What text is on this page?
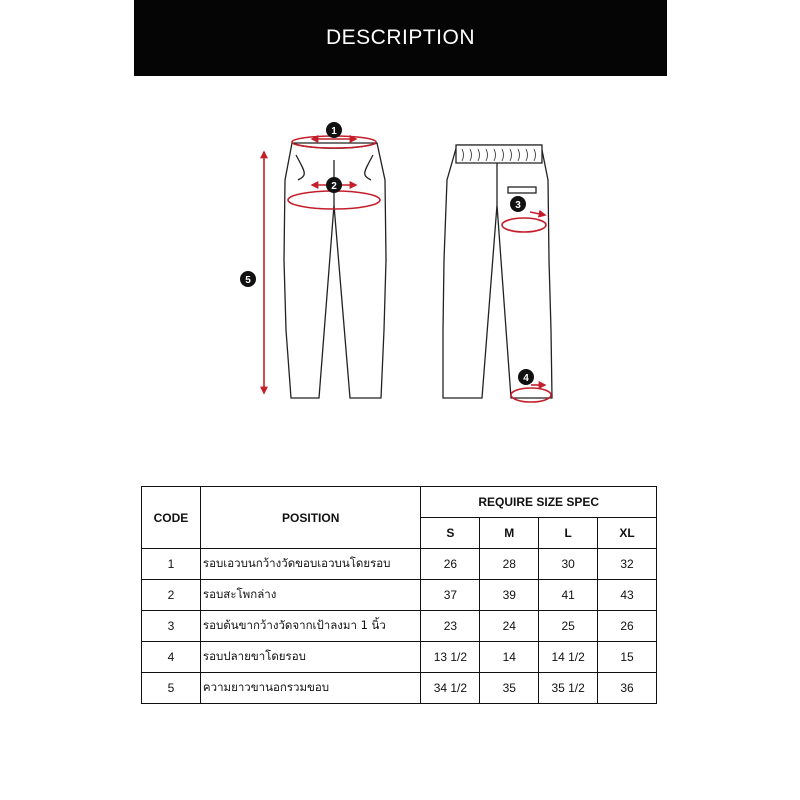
DESCRIPTION
1
2
3
4
5
CODE	POSITION	REQUIRE SIZE SPEC			
		S	M	L	XL
1	รอบเอวบนกว้างวัดขอบเอวบนโดยรอบ	26	28	30	32
2	รอบสะโพกล่าง	37	39	41	43
3	รอบต้นขากว้างวัดจากเป้าลงมา 1 นิ้ว	23	24	25	26
4	รอบปลายขาโดยรอบ	13 1/2	14	14 1/2	15
5	ความยาวขานอกรวมขอบ	34 1/2	35	35 1/2	36
